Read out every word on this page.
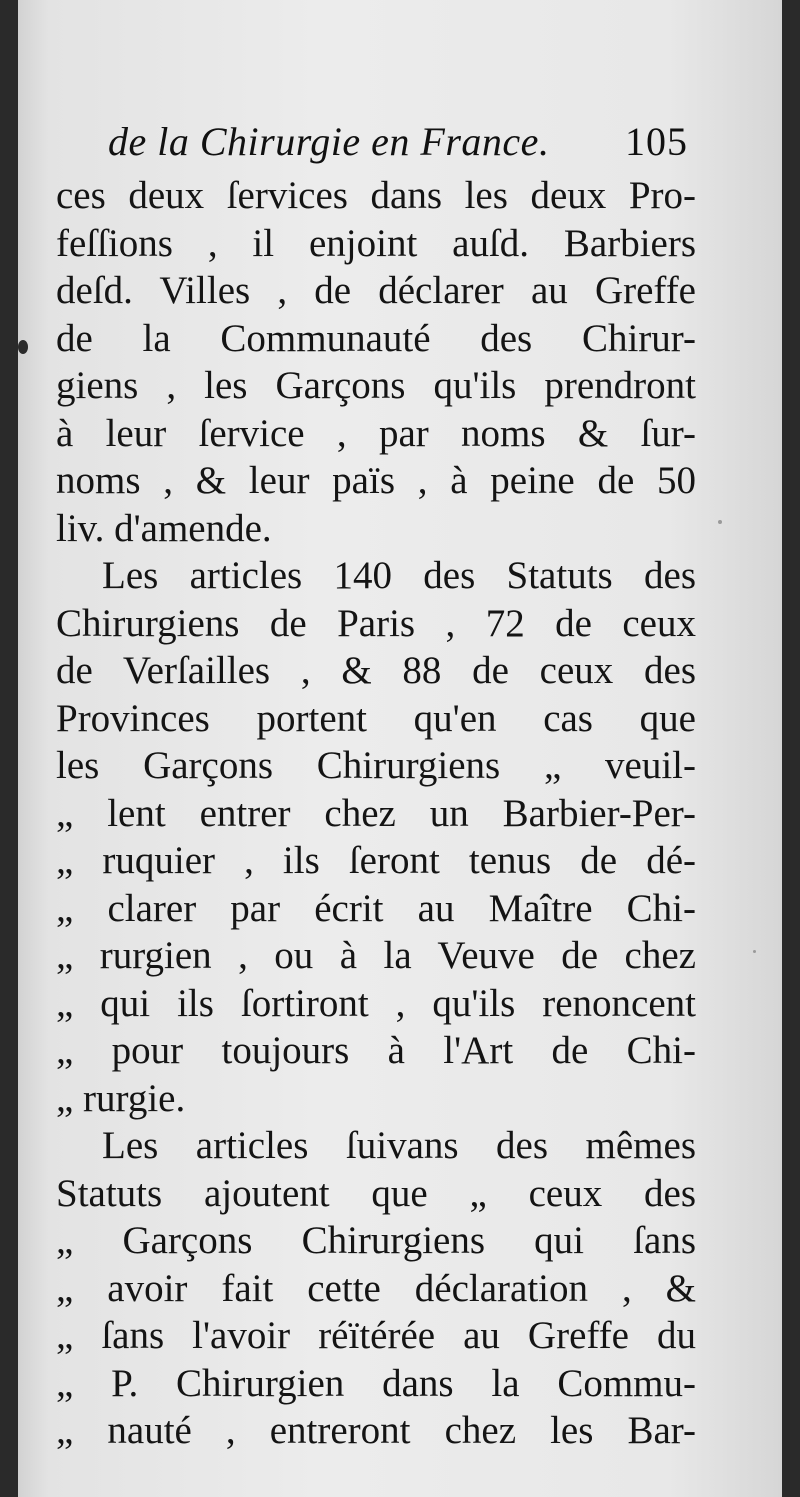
de la Chirurgie en France. 105
ces deux ſervices dans les deux Pro-
feſſions , il enjoint auſd. Barbiers
deſd. Villes , de déclarer au Greffe
de la Communauté des Chirur-
giens , les Garçons qu'ils prendront
à leur ſervice , par noms & ſur-
noms , & leur païs , à peine de 50
liv. d'amende.
Les articles 140 des Statuts des
Chirurgiens de Paris , 72 de ceux
de Verſailles , & 88 de ceux des
Provinces portent qu'en cas que
les Garçons Chirurgiens „ veuil-
„ lent entrer chez un Barbier-Per-
„ ruquier , ils ſeront tenus de dé-
„ clarer par écrit au Maître Chi-
„ rurgien , ou à la Veuve de chez
„ qui ils ſortiront , qu'ils renoncent
„ pour toujours à l'Art de Chi-
„ rurgie.
Les articles ſuivans des mêmes
Statuts ajoutent que „ ceux des
„ Garçons Chirurgiens qui ſans
„ avoir fait cette déclaration , &
„ ſans l'avoir réïtérée au Greffe du
„ P. Chirurgien dans la Commu-
„ nauté , entreront chez les Bar-
